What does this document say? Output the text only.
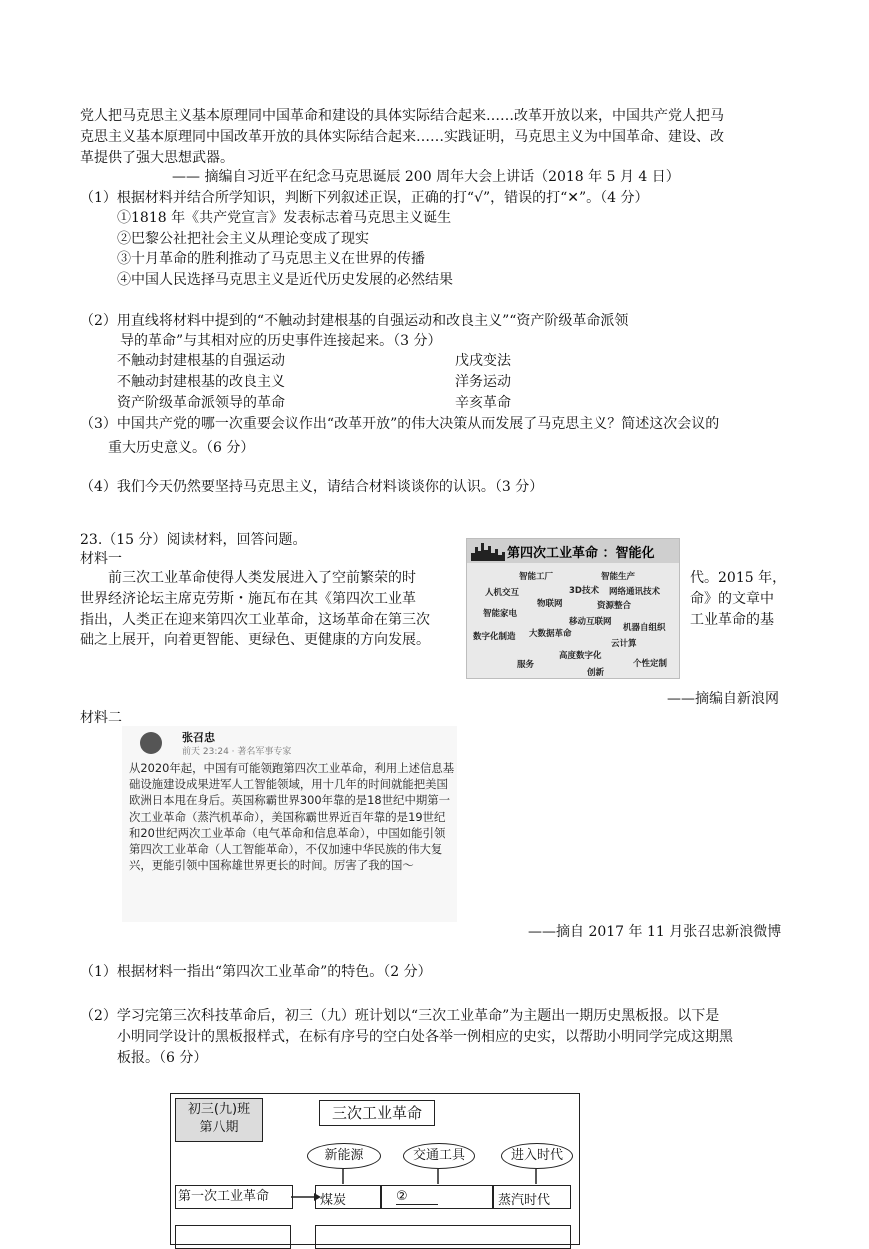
党人把马克思主义基本原理同中国革命和建设的具体实际结合起来……改革开放以来，中国共产党人把马
克思主义基本原理同中国改革开放的具体实际结合起来……实践证明，马克思主义为中国革命、建设、改
革提供了强大思想武器。
—— 摘编自习近平在纪念马克思诞辰 200 周年大会上讲话（2018 年 5 月 4 日）
（1）根据材料并结合所学知识，判断下列叙述正误，正确的打“√”，错误的打“✕”。（4 分）
①1818 年《共产党宣言》发表标志着马克思主义诞生
②巴黎公社把社会主义从理论变成了现实
③十月革命的胜利推动了马克思主义在世界的传播
④中国人民选择马克思主义是近代历史发展的必然结果
（2）用直线将材料中提到的“不触动封建根基的自强运动和改良主义”“资产阶级革命派领
导的革命”与其相对应的历史事件连接起来。（3 分）
不触动封建根基的自强运动
不触动封建根基的改良主义
资产阶级革命派领导的革命
戊戌变法
洋务运动
辛亥革命
（3）中国共产党的哪一次重要会议作出“改革开放”的伟大决策从而发展了马克思主义？简述这次会议的
重大历史意义。（6 分）
（4）我们今天仍然要坚持马克思主义，请结合材料谈谈你的认识。（3 分）
23.（15 分）阅读材料，回答问题。
材料一
前三次工业革命使得人类发展进入了空前繁荣的时
世界经济论坛主席克劳斯・施瓦布在其《第四次工业革
指出，人类正在迎来第四次工业革命，这场革命在第三次
础之上展开，向着更智能、更绿色、更健康的方向发展。
代。2015 年，
命》的文章中
工业革命的基
第四次工业革命 ：智能化
智能工厂	智能生产
人机交互	3D技术 网络通讯技术
物联网	资源整合
智能家电
移动互联网
机器自组织
数字化制造 大数据革命
云计算
高度数字化
服务	个性定制
创新
——摘编自新浪网
材料二
张召忠
前天 23:24 · 著名军事专家
从2020年起，中国有可能领跑第四次工业革命，利用上述信息基础设施建设成果进军人工智能领域，用十几年的时间就能把美国欧洲日本甩在身后。英国称霸世界300年靠的是18世纪中期第一次工业革命（蒸汽机革命），美国称霸世界近百年靠的是19世纪和20世纪两次工业革命（电气革命和信息革命），中国如能引领第四次工业革命（人工智能革命），不仅加速中华民族的伟大复兴，更能引领中国称雄世界更长的时间。厉害了我的国～
——摘自 2017 年 11 月张召忠新浪微博
（1）根据材料一指出“第四次工业革命”的特色。（2 分）
（2）学习完第三次科技革命后，初三（九）班计划以“三次工业革命”为主题出一期历史黑板报。以下是
小明同学设计的黑板报样式，在标有序号的空白处各举一例相应的史实，以帮助小明同学完成这期黑
板报。（6 分）
初三(九)班
第八期
三次工业革命
新能源	交通工具	进入时代
第一次工业革命	煤炭	②	蒸汽时代
